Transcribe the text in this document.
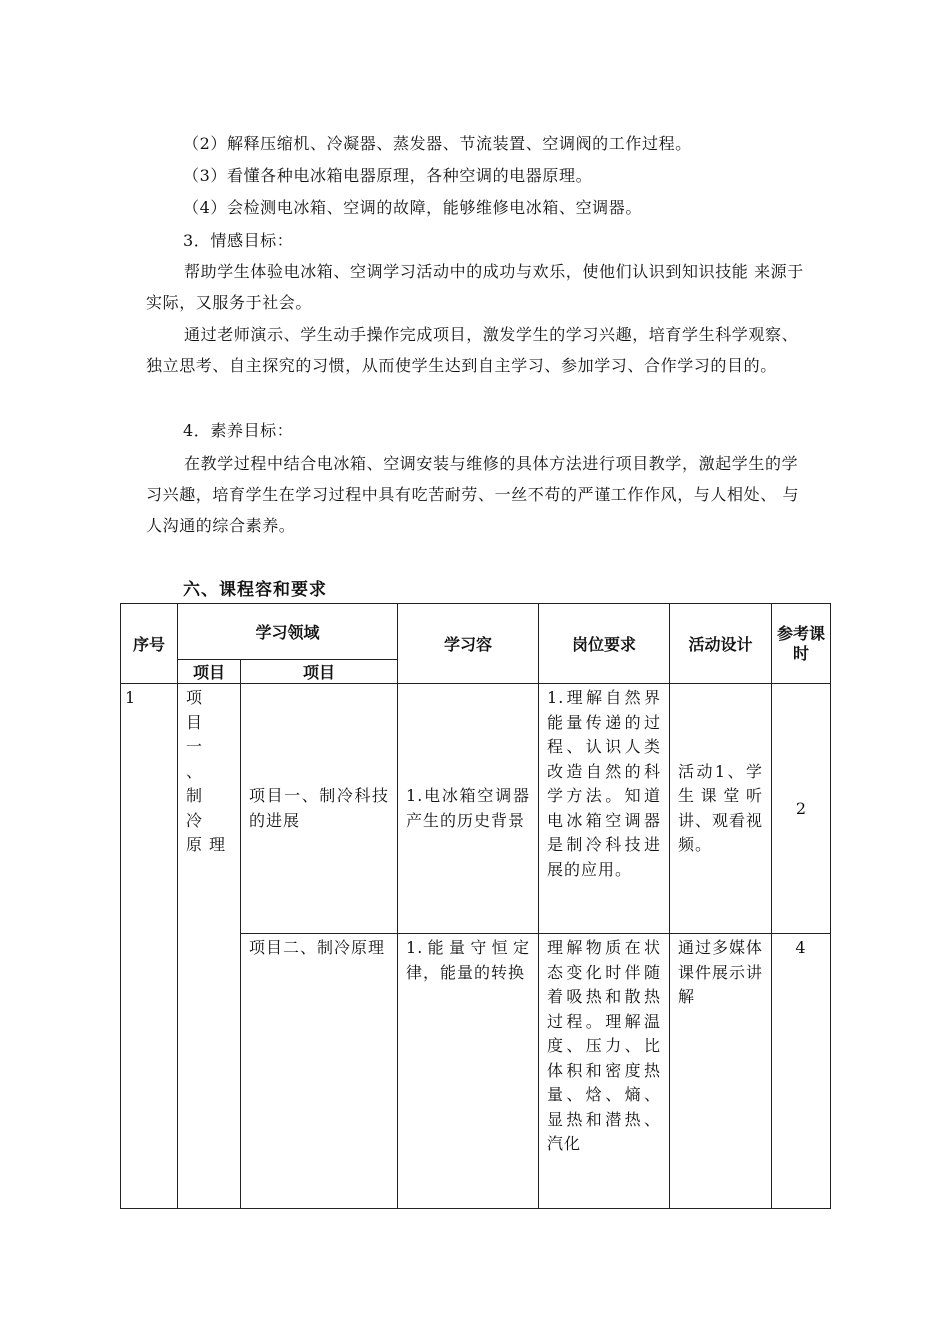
（2）解释压缩机、冷凝器、蒸发器、节流装置、空调阀的工作过程。
（3）看懂各种电冰箱电器原理，各种空调的电器原理。
（4）会检测电冰箱、空调的故障，能够维修电冰箱、空调器。
3．情感目标：
帮助学生体验电冰箱、空调学习活动中的成功与欢乐，使他们认识到知识技能 来源于实际，又服务于社会。
通过老师演示、学生动手操作完成项目，激发学生的学习兴趣，培育学生科学观察、独立思考、自主探究的习惯，从而使学生达到自主学习、参加学习、合作学习的目的。
4．素养目标：
在教学过程中结合电冰箱、空调安装与维修的具体方法进行项目教学，激起学生的学习兴趣，培育学生在学习过程中具有吃苦耐劳、一丝不苟的严谨工作作风，与人相处、 与人沟通的综合素养。
六、课程容和要求
序号	学习领域		学习容	岗位要求	活动设计	参考课时
	项目	项目				

1	项 目 一 、 制 冷 原理	项目一、制冷科技的进展	1.电冰箱空调器产生的历史背景	1.理解自然界能量传递的过程、认识人类改造自然的科学方法。知道电冰箱空调器是制冷科技进展的应用。	活动1、学生课堂听讲、观看视频。	2

		项目二、制冷原理	1.能量守恒定律，能量的转换	理解物质在状态变化时伴随着吸热和散热过程。理解温度、压力、比体积和密度热量、焓、熵、显热和潜热、汽化	通过多媒体课件展示讲解	4
